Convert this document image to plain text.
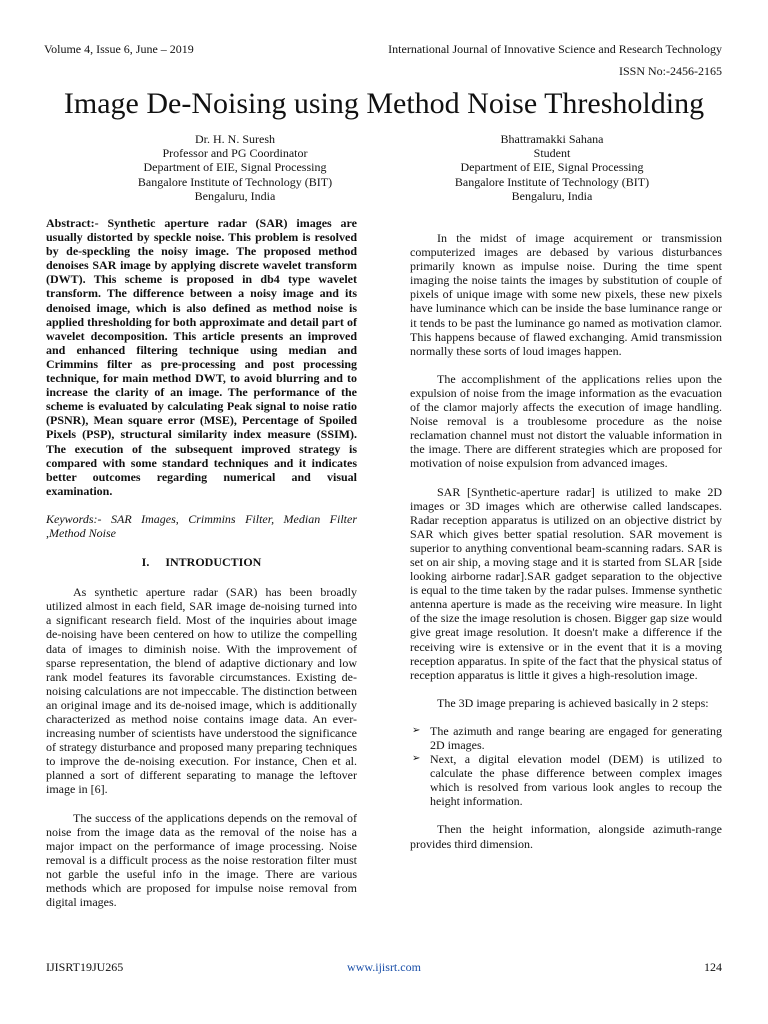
Volume 4, Issue 6, June – 2019	International Journal of Innovative Science and Research Technology
ISSN No:-2456-2165
Image De-Noising using Method Noise Thresholding
Dr. H. N. Suresh
Professor and PG Coordinator
Department of EIE, Signal Processing
Bangalore Institute of Technology (BIT)
Bengaluru, India
Bhattramakki Sahana
Student
Department of EIE, Signal Processing
Bangalore Institute of Technology (BIT)
Bengaluru, India

Abstract:- Synthetic aperture radar (SAR) images are usually distorted by speckle noise. This problem is resolved by de-speckling the noisy image. The proposed method denoises SAR image by applying discrete wavelet transform (DWT). This scheme is proposed in db4 type wavelet transform. The difference between a noisy image and its denoised image, which is also defined as method noise is applied thresholding for both approximate and detail part of wavelet decomposition. This article presents an improved and enhanced filtering technique using median and Crimmins filter as pre-processing and post processing technique, for main method DWT, to avoid blurring and to increase the clarity of an image. The performance of the scheme is evaluated by calculating Peak signal to noise ratio (PSNR), Mean square error (MSE), Percentage of Spoiled Pixels (PSP), structural similarity index measure (SSIM). The execution of the subsequent improved strategy is compared with some standard techniques and it indicates better outcomes regarding numerical and visual examination.

Keywords:- SAR Images, Crimmins Filter, Median Filter ,Method Noise

I. INTRODUCTION

As synthetic aperture radar (SAR) has been broadly utilized almost in each field, SAR image de-noising turned into a significant research field. Most of the inquiries about image de-noising have been centered on how to utilize the compelling data of images to diminish noise. With the improvement of sparse representation, the blend of adaptive dictionary and low rank model features its favorable circumstances. Existing de-noising calculations are not impeccable. The distinction between an original image and its de-noised image, which is additionally characterized as method noise contains image data. An ever-increasing number of scientists have understood the significance of strategy disturbance and proposed many preparing techniques to improve the de-noising execution. For instance, Chen et al. planned a sort of different separating to manage the leftover image in [6].

The success of the applications depends on the removal of noise from the image data as the removal of the noise has a major impact on the performance of image processing. Noise removal is a difficult process as the noise restoration filter must not garble the useful info in the image. There are various methods which are proposed for impulse noise removal from digital images.

In the midst of image acquirement or transmission computerized images are debased by various disturbances primarily known as impulse noise. During the time spent imaging the noise taints the images by substitution of couple of pixels of unique image with some new pixels, these new pixels have luminance which can be inside the base luminance range or it tends to be past the luminance go named as motivation clamor. This happens because of flawed exchanging. Amid transmission normally these sorts of loud images happen.

The accomplishment of the applications relies upon the expulsion of noise from the image information as the evacuation of the clamor majorly affects the execution of image handling. Noise removal is a troublesome procedure as the noise reclamation channel must not distort the valuable information in the image. There are different strategies which are proposed for motivation of noise expulsion from advanced images.

SAR [Synthetic-aperture radar] is utilized to make 2D images or 3D images which are otherwise called landscapes. Radar reception apparatus is utilized on an objective district by SAR which gives better spatial resolution. SAR movement is superior to anything conventional beam-scanning radars. SAR is set on air ship, a moving stage and it is started from SLAR [side looking airborne radar].SAR gadget separation to the objective is equal to the time taken by the radar pulses. Immense synthetic antenna aperture is made as the receiving wire measure. In light of the size the image resolution is chosen. Bigger gap size would give great image resolution. It doesn't make a difference if the receiving wire is extensive or in the event that it is a moving reception apparatus. In spite of the fact that the physical status of reception apparatus is little it gives a high-resolution image.

The 3D image preparing is achieved basically in 2 steps:

➢ The azimuth and range bearing are engaged for generating 2D images.
➢ Next, a digital elevation model (DEM) is utilized to calculate the phase difference between complex images which is resolved from various look angles to recoup the height information.

Then the height information, alongside azimuth-range provides third dimension.

IJISRT19JU265	www.ijisrt.com	124
